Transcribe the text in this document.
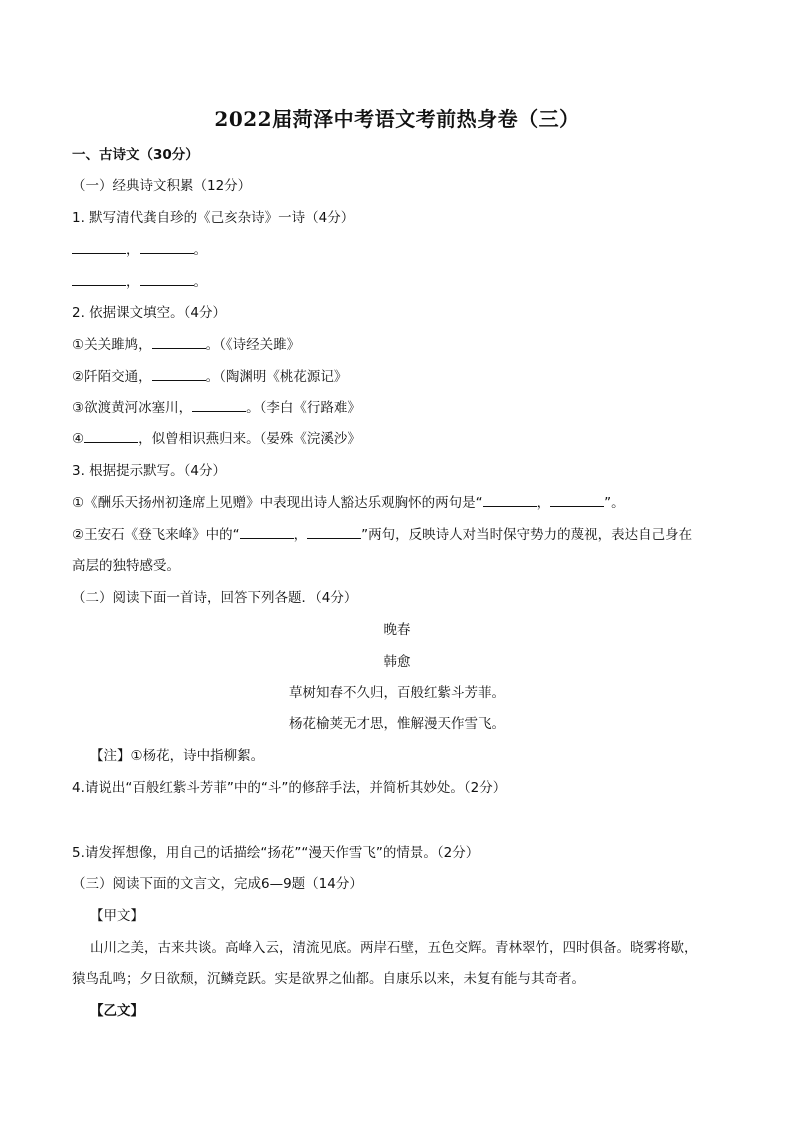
2022届菏泽中考语文考前热身卷（三）
一、古诗文（30分）
（一）经典诗文积累（12分）
1. 默写清代龚自珍的《己亥杂诗》一诗（4分）
，	。
，	。
2. 依据课文填空。（4分）
①关关雎鸠，	。（《诗经关雎》
②阡陌交通，	。（陶渊明《桃花源记》
③欲渡黄河冰塞川，	。（李白《行路难》
④	，似曾相识燕归来。（晏殊《浣溪沙》
3. 根据提示默写。（4分）
①《酬乐天扬州初逢席上见赠》中表现出诗人豁达乐观胸怀的两句是“	，	”。
②王安石《登飞来峰》中的“	，	”两句，反映诗人对当时保守势力的蔑视，表达自己身在
高层的独特感受。
（二）阅读下面一首诗，回答下列各题．（4分）
晚春
韩愈
草树知春不久归，百般红紫斗芳菲。
杨花榆荚无才思，惟解漫天作雪飞。
【注】①杨花，诗中指柳絮。
4.请说出“百般红紫斗芳菲”中的“斗”的修辞手法，并简析其妙处。（2分）
5.请发挥想像，用自己的话描绘“扬花”“漫天作雪飞”的情景。（2分）
（三）阅读下面的文言文，完成6—9题（14分）
【甲文】
山川之美，古来共谈。高峰入云，清流见底。两岸石壁，五色交辉。青林翠竹，四时俱备。晓雾将歇，
猿鸟乱鸣；夕日欲颓，沉鳞竞跃。实是欲界之仙都。自康乐以来，未复有能与其奇者。
【乙文】
